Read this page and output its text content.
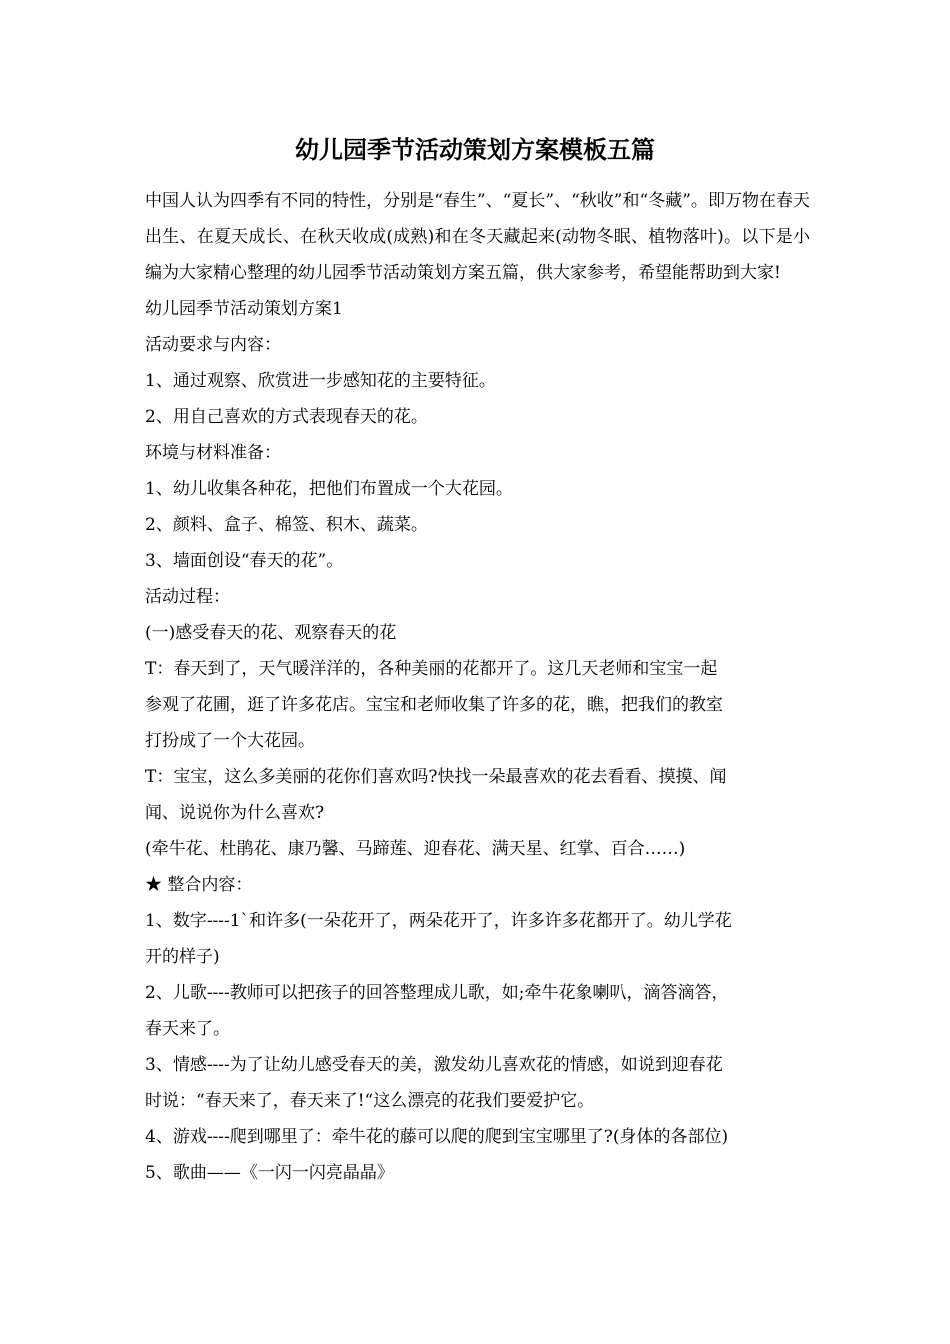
幼儿园季节活动策划方案模板五篇

中国人认为四季有不同的特性，分别是“春生”、“夏长”、“秋收”和“冬藏”。即万物在春天出生、在夏天成长、在秋天收成(成熟)和在冬天藏起来(动物冬眠、植物落叶)。以下是小编为大家精心整理的幼儿园季节活动策划方案五篇，供大家参考，希望能帮助到大家!

幼儿园季节活动策划方案1

活动要求与内容：

1、通过观察、欣赏进一步感知花的主要特征。

2、用自己喜欢的方式表现春天的花。

环境与材料准备：

1、幼儿收集各种花，把他们布置成一个大花园。

2、颜料、盒子、棉签、积木、蔬菜。

3、墙面创设“春天的花”。

活动过程：

(一)感受春天的花、观察春天的花

T：春天到了，天气暖洋洋的，各种美丽的花都开了。这几天老师和宝宝一起

参观了花圃，逛了许多花店。宝宝和老师收集了许多的花，瞧，把我们的教室

打扮成了一个大花园。

T：宝宝，这么多美丽的花你们喜欢吗?快找一朵最喜欢的花去看看、摸摸、闻

闻、说说你为什么喜欢?

(牵牛花、杜鹃花、康乃馨、马蹄莲、迎春花、满天星、红掌、百合……)

★ 整合内容：

1、数字----1`和许多(一朵花开了，两朵花开了，许多许多花都开了。幼儿学花

开的样子)

2、儿歌----教师可以把孩子的回答整理成儿歌，如;牵牛花象喇叭，滴答滴答，

春天来了。

3、情感----为了让幼儿感受春天的美，激发幼儿喜欢花的情感，如说到迎春花

时说：“春天来了，春天来了!“这么漂亮的花我们要爱护它。

4、游戏----爬到哪里了：牵牛花的藤可以爬的爬到宝宝哪里了?(身体的各部位)

5、歌曲——《一闪一闪亮晶晶》
